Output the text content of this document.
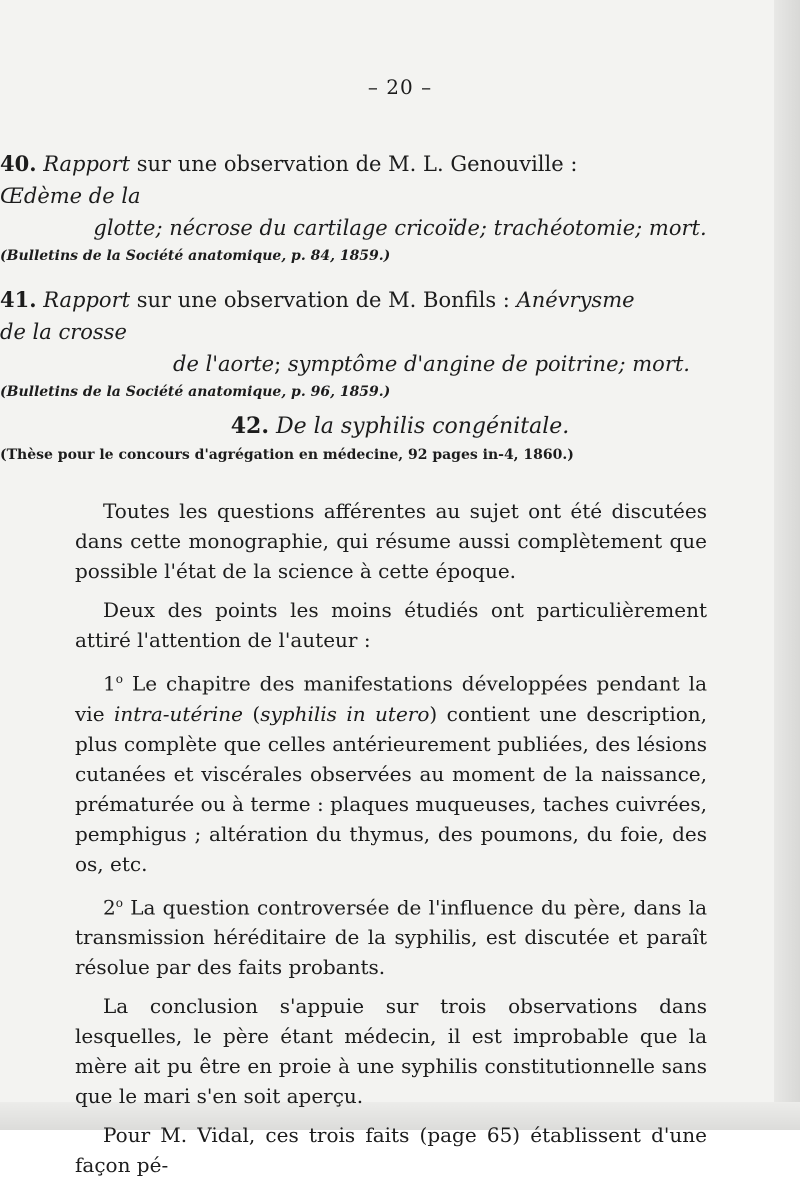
– 20 –

40. Rapport sur une observation de M. L. Genouville : Œdème de la

glotte; nécrose du cartilage cricoïde; trachéotomie; mort.

(Bulletins de la Société anatomique, p. 84, 1859.)

41. Rapport sur une observation de M. Bonfils : Anévrysme de la crosse

de l'aorte; symptôme d'angine de poitrine; mort.

(Bulletins de la Société anatomique, p. 96, 1859.)

42. De la syphilis congénitale.

(Thèse pour le concours d'agrégation en médecine, 92 pages in-4, 1860.)

Toutes les questions afférentes au sujet ont été discutées dans cette monographie, qui résume aussi complètement que possible l'état de la science à cette époque.

Deux des points les moins étudiés ont particulièrement attiré l'attention de l'auteur :

1$^o$ Le chapitre des manifestations développées pendant la vie intra-utérine (syphilis in utero) contient une description, plus complète que celles antérieurement publiées, des lésions cutanées et viscérales observées au moment de la naissance, prématurée ou à terme : plaques muqueuses, taches cuivrées, pemphigus ; altération du thymus, des poumons, du foie, des os, etc.

2$^o$ La question controversée de l'influence du père, dans la transmission héréditaire de la syphilis, est discutée et paraît résolue par des faits probants.

La conclusion s'appuie sur trois observations dans lesquelles, le père étant médecin, il est improbable que la mère ait pu être en proie à une syphilis constitutionnelle sans que le mari s'en soit aperçu.

Pour M. Vidal, ces trois faits (page 65) établissent d'une façon pé-
